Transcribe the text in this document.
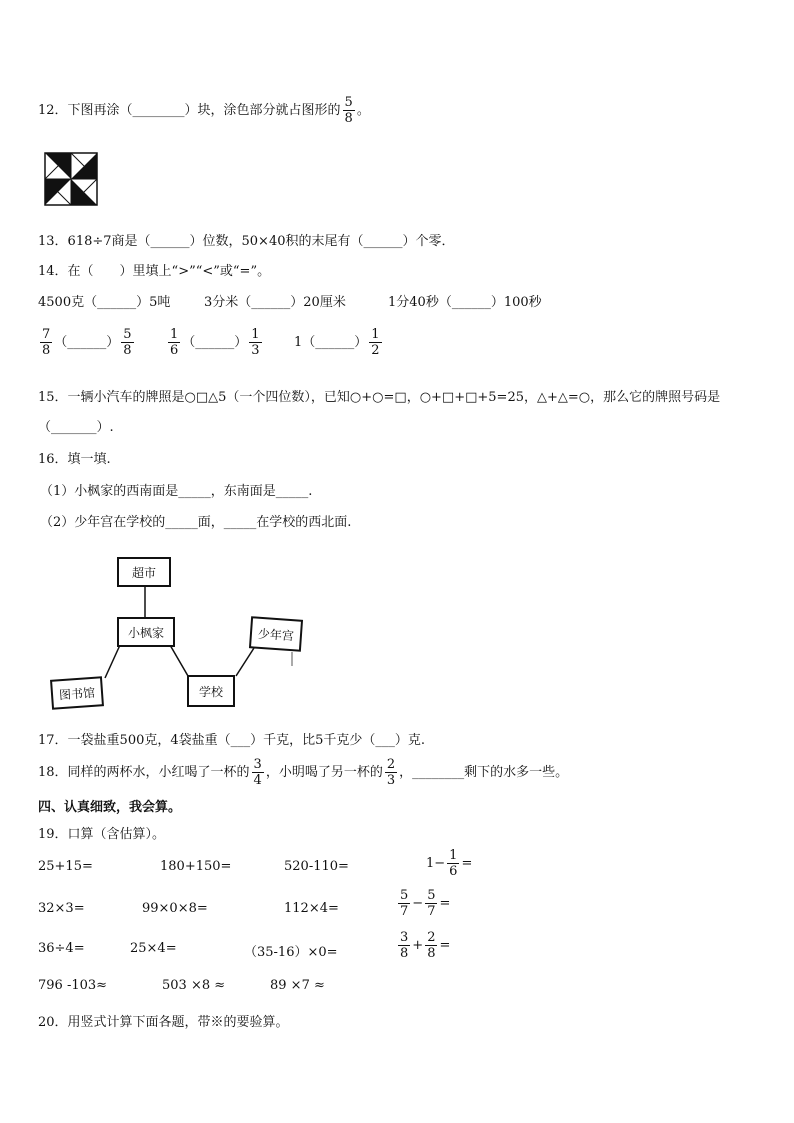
12．下图再涂（________）块，涂色部分就占图形的 $\frac{5}{8}$ 。
13．618÷7商是（______）位数，50×40积的末尾有（______）个零．
14．在（　　）里填上“>”“<”或“=”。
4500克（______）5吨	3分米（______）20厘米	1分40秒（______）100秒
$\frac{7}{8}$ （______） $\frac{5}{8}$	$\frac{1}{6}$ （______） $\frac{1}{3}$ 1（______） $\frac{1}{2}$
15．一辆小汽车的牌照是○□△5（一个四位数），已知○+○=□，○+□+□+5=25，△+△=○，那么它的牌照号码是
（_______）.
16．填一填.
（1）小枫家的西南面是_____，东南面是_____.
（2）少年宫在学校的_____面，_____在学校的西北面.
超市
小枫家	少年宫
图书馆	学校
17．一袋盐重500克，4袋盐重（___）千克，比5千克少（___）克.
18．同样的两杯水，小红喝了一杯的 $\frac{3}{4}$ ，小明喝了另一杯的 $\frac{2}{3}$ ，________剩下的水多一些。
四、认真细致，我会算。
19．口算（含估算）。
25+15=	180+150=	520-110=	$1- \frac{1}{6}$ =
32×3=	99×0×8=	112×4=	$\frac{5}{7} - \frac{5}{7}$ =
36÷4=	25×4=	（35-16）×0=	$\frac{3}{8} + \frac{2}{8}$ =
796 -103≈	503 ×8 ≈	89 ×7 ≈
20．用竖式计算下面各题，带※的要验算。
